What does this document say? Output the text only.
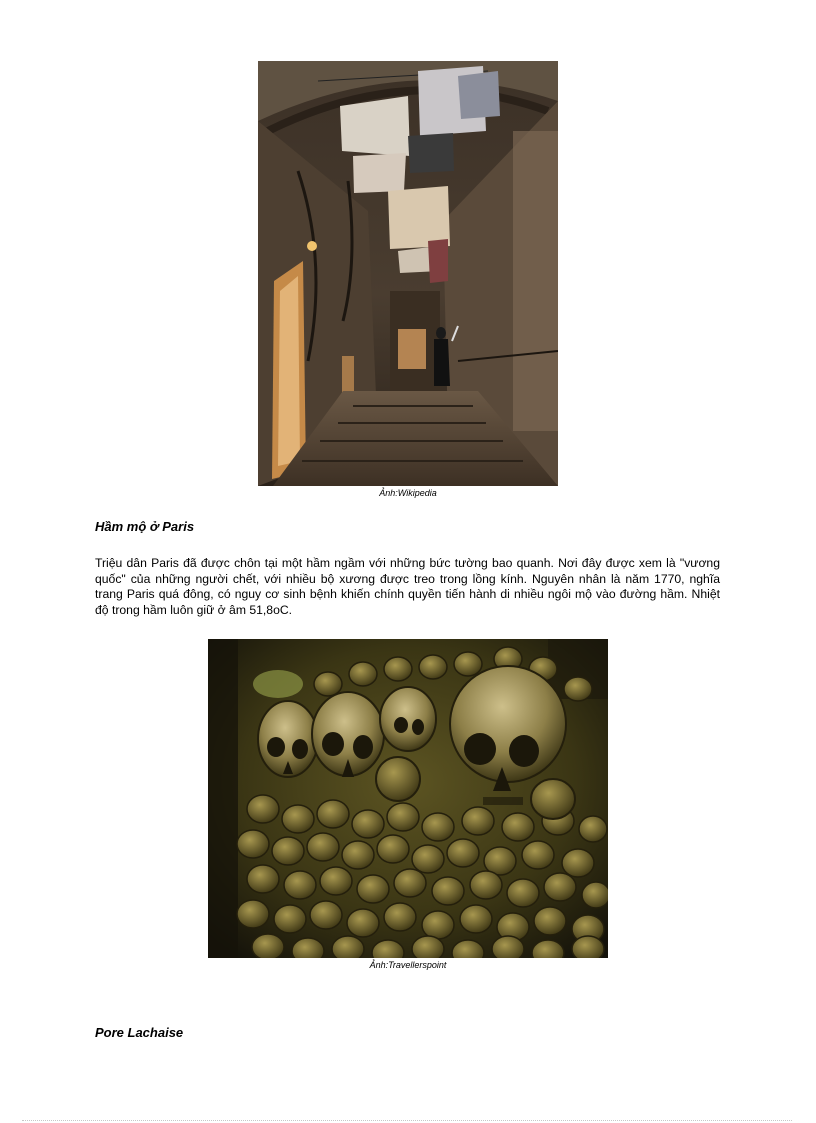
Ảnh:Wikipedia
Hầm mộ ở Paris

Triệu dân Paris đã được chôn tại một hầm ngầm với những bức tường bao quanh. Nơi đây được xem là "vương quốc" của những người chết, với nhiều bộ xương được treo trong lồng kính. Nguyên nhân là năm 1770, nghĩa trang Paris quá đông, có nguy cơ sinh bệnh khiến chính quyền tiến hành di nhiều ngôi mộ vào đường hầm. Nhiệt độ trong hầm luôn giữ ở âm 51,8oC.

Ảnh:Travellerspoint
Pore Lachaise
